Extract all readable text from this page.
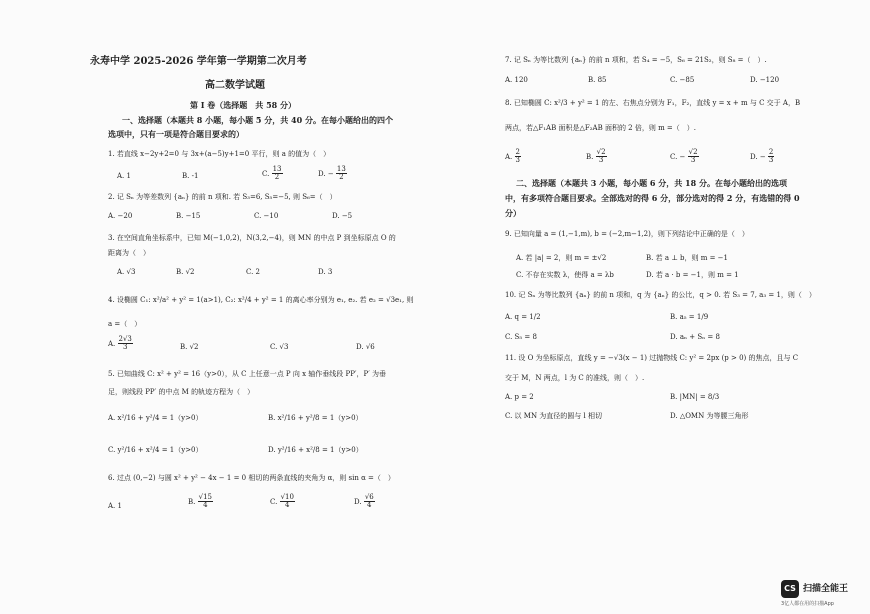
永寿中学 2025-2026 学年第一学期第二次月考
高二数学试题
第 I 卷（选择题　共 58 分）
一、选择题（本题共 8 小题，每小题 5 分，共 40 分。在每小题给出的四个
选项中，只有一项是符合题目要求的）
1. 若直线 x−2y+2=0 与 3x+(a−5)y+1=0 平行，则 a 的值为（　）
A. 1	B. -1	C. $\frac{13}{2}$	D. − $\frac{13}{2}$
2. 记 Sₙ 为等差数列 {aₙ} 的前 n 项和. 若 S₃=6, S₅=−5, 则 S₆=（　）
A. −20	B. −15	C. −10	D. −5
3. 在空间直角坐标系中，已知 M(−1,0,2)，N(3,2,−4)，则 MN 的中点 P 到坐标原点 O 的
距离为（　）
A. √3	B. √2	C. 2	D. 3
4. 设椭圆 C₁: x²/a² + y² = 1(a>1), C₂: x²/4 + y² = 1 的离心率分别为 e₁, e₂. 若 e₂ = √3e₁, 则
a =（　）
A. $\frac{2√3}{3}$	B. √2	C. √3	D. √6
5. 已知曲线 C: x² + y² = 16（y>0），从 C 上任意一点 P 向 x 轴作垂线段 PP′，P′ 为垂
足，则线段 PP′ 的中点 M 的轨迹方程为（　）
A. x²/16 + y²/4 = 1（y>0）	B. x²/16 + y²/8 = 1（y>0）
C. y²/16 + x²/4 = 1（y>0）	D. y²/16 + x²/8 = 1（y>0）
6. 过点 (0,−2) 与圆 x² + y² − 4x − 1 = 0 相切的两条直线的夹角为 α，则 sin α =（　）
A. 1
B. $\frac{√15}{4}$	C. $\frac{√10}{4}$	D. $\frac{√6}{4}$
7. 记 Sₙ 为等比数列 {aₙ} 的前 n 项和，若 S₄ = −5，S₆ = 21S₂，则 S₈ =（　）.
A. 120	B. 85	C. −85	D. −120
8. 已知椭圆 C: x²/3 + y² = 1 的左、右焦点分别为 F₁，F₂，直线 y = x + m 与 C 交于 A，B
两点，若△F₁AB 面积是△F₂AB 面积的 2 倍，则 m =（　）.
A. $\frac{2}{3}$	B. $\frac{√2}{3}$	C. − $\frac{√2}{3}$	D. − $\frac{2}{3}$
二、选择题（本题共 3 小题，每小题 6 分，共 18 分。在每小题给出的选项
中，有多项符合题目要求。全部选对的得 6 分，部分选对的得 2 分，有选错的得 0
分）
9. 已知向量 a = (1,−1,m), b = (−2,m−1,2)，则下列结论中正确的是（　）
A. 若 |a| = 2，则 m = ±√2	B. 若 a ⊥ b，则 m = −1
C. 不存在实数 λ，使得 a = λb	D. 若 a · b = −1，则 m = 1
10. 记 Sₙ 为等比数列 {aₙ} 的前 n 项和，q 为 {aₙ} 的公比，q > 0. 若 S₃ = 7, a₃ = 1，则（　）
A. q = 1/2	B. a₅ = 1/9
C. S₅ = 8	D. aₙ + Sₙ = 8
11. 设 O 为坐标原点，直线 y = −√3(x − 1) 过抛物线 C: y² = 2px (p > 0) 的焦点，且与 C
交于 M，N 两点，l 为 C 的准线，则（　）.
A. p = 2	B. |MN| = 8/3
C. 以 MN 为直径的圆与 l 相切	D. △OMN 为等腰三角形
CS 扫描全能王
3亿人都在用的扫描App
